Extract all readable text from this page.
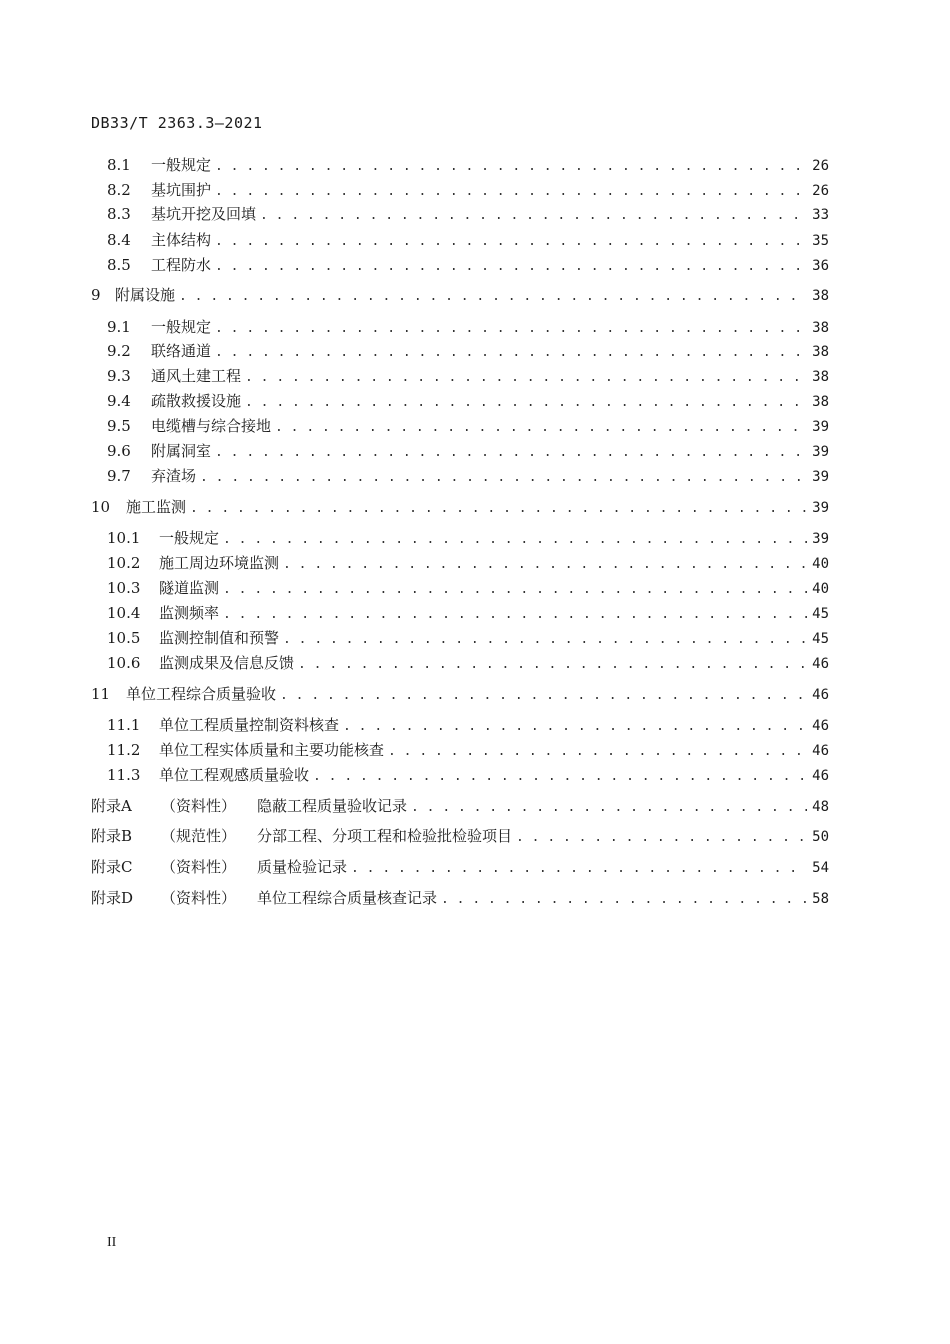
DB33/T 2363.3—2021
8.1	一般规定 . . .	26
8.2	基坑围护 . . .	26
8.3	基坑开挖及回填 . . .	33
8.4	主体结构 . . .	35
8.5	工程防水 . . .	36
9 附属设施 . . .	38
9.1	一般规定 . . .	38
9.2	联络通道 . . .	38
9.3	通风土建工程 . . .	38
9.4	疏散救援设施 . . .	38
9.5	电缆槽与综合接地 . . .	39
9.6	附属洞室 . . .	39
9.7	弃渣场 . . .	39
10	施工监测 . . .	39
10.1	一般规定 . . .	39
10.2	施工周边环境监测 . . .	40
10.3	隧道监测 . . .	40
10.4	监测频率 . . .	45
10.5	监测控制值和预警 . . .	45
10.6	监测成果及信息反馈 . . .	46
11	单位工程综合质量验收 . . .	46
11.1	单位工程质量控制资料核查 . . .	46
11.2	单位工程实体质量和主要功能核查 . . .	46
11.3	单位工程观感质量验收 . . .	46
附录A	（资料性）	隐蔽工程质量验收记录 . . .	48
附录B	（规范性）	分部工程、分项工程和检验批检验项目 . . .	50
附录C	（资料性）	质量检验记录 . . .	54
附录D	（资料性）	单位工程综合质量核查记录 . . .	58
II
